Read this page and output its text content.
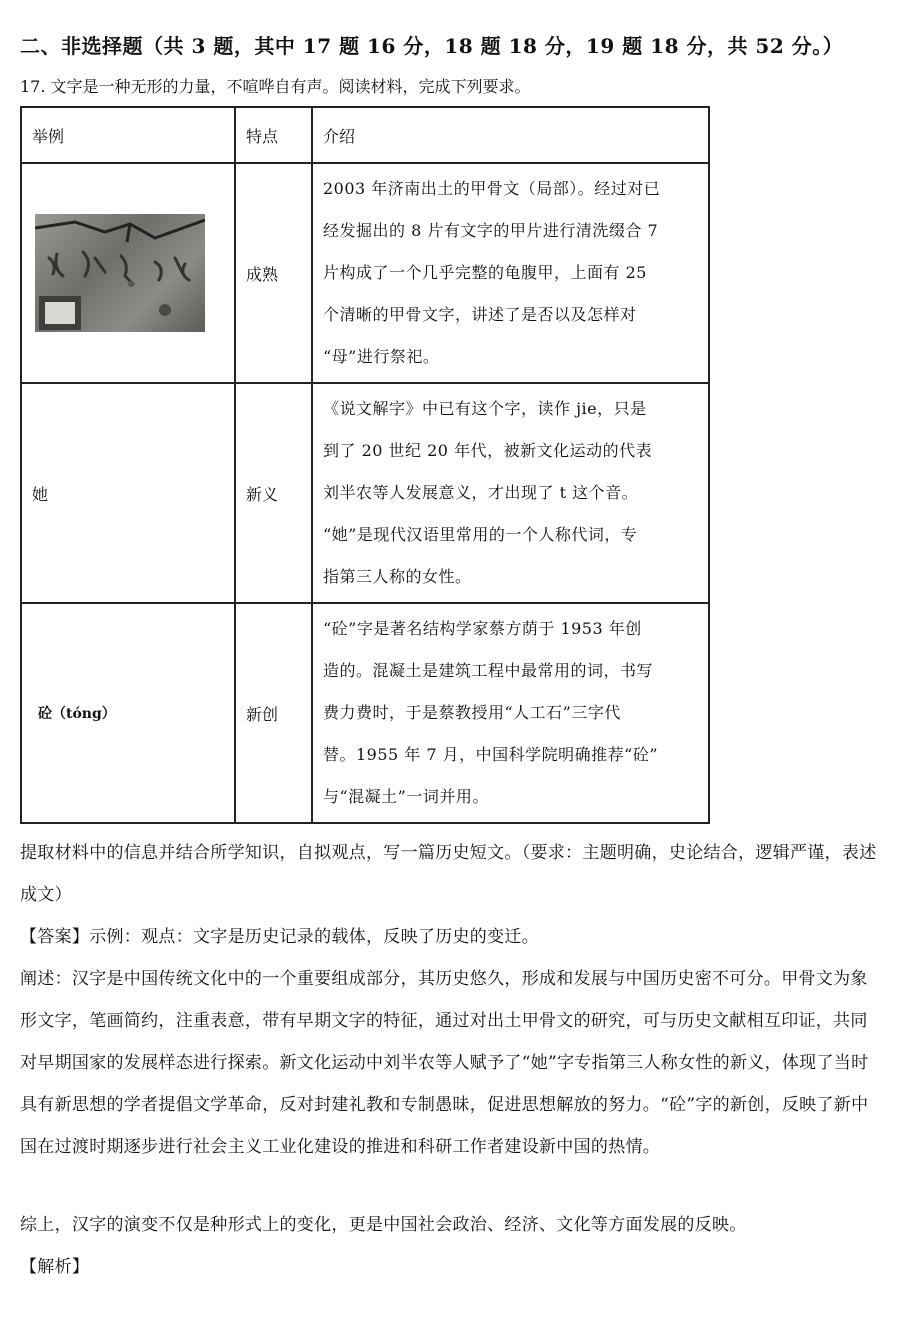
二、非选择题（共 3 题，其中 17 题 16 分，18 题 18 分，19 题 18 分，共 52 分。）
17. 文字是一种无形的力量，不喧哗自有声。阅读材料，完成下列要求。
举例	特点	介绍

	成熟	2003 年济南出土的甲骨文（局部）。经过对已

经发掘出的 8 片有文字的甲片进行清洗缀合 7

片构成了一个几乎完整的龟腹甲，上面有 25

个清晰的甲骨文字，讲述了是否以及怎样对

“母”进行祭祀。

她	新义	《说文解字》中已有这个字，读作 jie，只是

到了 20 世纪 20 年代，被新文化运动的代表

刘半农等人发展意义，才出现了 t 这个音。

“她”是现代汉语里常用的一个人称代词，专

指第三人称的女性。

砼（tóng）	新创	“砼”字是著名结构学家蔡方荫于 1953 年创

造的。混凝土是建筑工程中最常用的词，书写

费力费时，于是蔡教授用“人工石”三字代

替。1955 年 7 月，中国科学院明确推荐“砼”

与“混凝土”一词并用。

提取材料中的信息并结合所学知识，自拟观点，写一篇历史短文。（要求：主题明确，史论结合，逻辑严谨，表述成文）

【答案】示例：观点：文字是历史记录的载体，反映了历史的变迁。

阐述：汉字是中国传统文化中的一个重要组成部分，其历史悠久，形成和发展与中国历史密不可分。甲骨文为象形文字，笔画简约，注重表意，带有早期文字的特征，通过对出土甲骨文的研究，可与历史文献相互印证，共同对早期国家的发展样态进行探索。新文化运动中刘半农等人赋予了“她”字专指第三人称女性的新义，体现了当时具有新思想的学者提倡文学革命，反对封建礼教和专制愚昧，促进思想解放的努力。“砼”字的新创，反映了新中国在过渡时期逐步进行社会主义工业化建设的推进和科研工作者建设新中国的热情。

综上，汉字的演变不仅是种形式上的变化，更是中国社会政治、经济、文化等方面发展的反映。

【解析】
